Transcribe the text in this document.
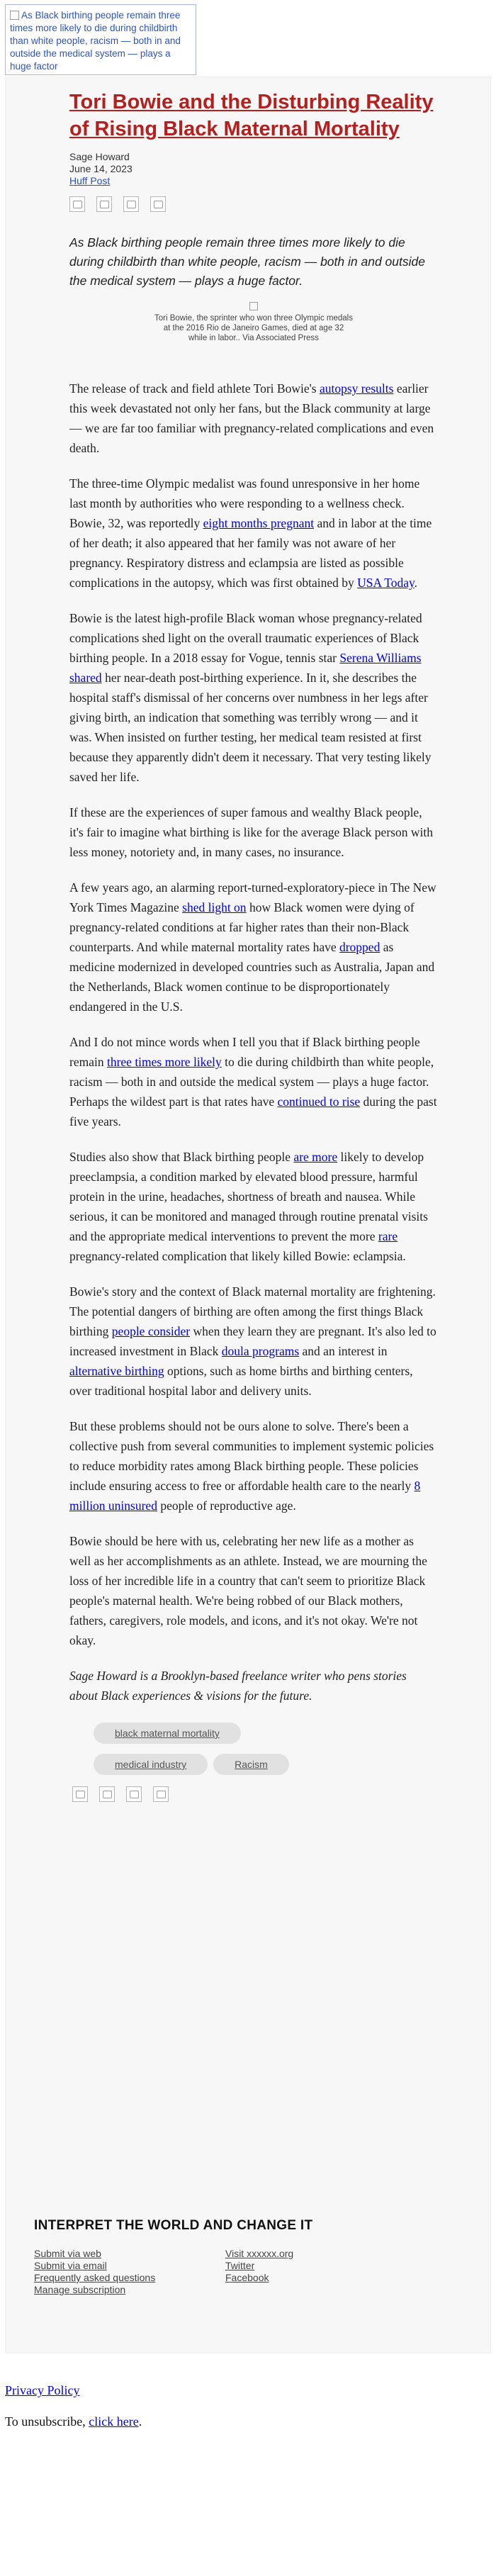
As Black birthing people remain three times more likely to die during childbirth than white people, racism — both in and outside the medical system — plays a huge factor
Tori Bowie and the Disturbing Reality of Rising Black Maternal Mortality
Sage Howard
June 14, 2023
Huff Post
As Black birthing people remain three times more likely to die during childbirth than white people, racism — both in and outside the medical system — plays a huge factor.

Tori Bowie, the sprinter who won three Olympic medals at the 2016 Rio de Janeiro Games, died at age 32 while in labor.. Via Associated Press

The release of track and field athlete Tori Bowie's autopsy results earlier this week devastated not only her fans, but the Black community at large — we are far too familiar with pregnancy-related complications and even death.

The three-time Olympic medalist was found unresponsive in her home last month by authorities who were responding to a wellness check. Bowie, 32, was reportedly eight months pregnant and in labor at the time of her death; it also appeared that her family was not aware of her pregnancy. Respiratory distress and eclampsia are listed as possible complications in the autopsy, which was first obtained by USA Today.

Bowie is the latest high-profile Black woman whose pregnancy-related complications shed light on the overall traumatic experiences of Black birthing people. In a 2018 essay for Vogue, tennis star Serena Williams shared her near-death post-birthing experience. In it, she describes the hospital staff's dismissal of her concerns over numbness in her legs after giving birth, an indication that something was terribly wrong — and it was. When insisted on further testing, her medical team resisted at first because they apparently didn't deem it necessary. That very testing likely saved her life.

If these are the experiences of super famous and wealthy Black people, it's fair to imagine what birthing is like for the average Black person with less money, notoriety and, in many cases, no insurance.

A few years ago, an alarming report-turned-exploratory-piece in The New York Times Magazine shed light on how Black women were dying of pregnancy-related conditions at far higher rates than their non-Black counterparts. And while maternal mortality rates have dropped as medicine modernized in developed countries such as Australia, Japan and the Netherlands, Black women continue to be disproportionately endangered in the U.S.

And I do not mince words when I tell you that if Black birthing people remain three times more likely to die during childbirth than white people, racism — both in and outside the medical system — plays a huge factor. Perhaps the wildest part is that rates have continued to rise during the past five years.

Studies also show that Black birthing people are more likely to develop preeclampsia, a condition marked by elevated blood pressure, harmful protein in the urine, headaches, shortness of breath and nausea. While serious, it can be monitored and managed through routine prenatal visits and the appropriate medical interventions to prevent the more rare pregnancy-related complication that likely killed Bowie: eclampsia.

Bowie's story and the context of Black maternal mortality are frightening. The potential dangers of birthing are often among the first things Black birthing people consider when they learn they are pregnant. It's also led to increased investment in Black doula programs and an interest in alternative birthing options, such as home births and birthing centers, over traditional hospital labor and delivery units.

But these problems should not be ours alone to solve. There's been a collective push from several communities to implement systemic policies to reduce morbidity rates among Black birthing people. These policies include ensuring access to free or affordable health care to the nearly 8 million uninsured people of reproductive age.

Bowie should be here with us, celebrating her new life as a mother as well as her accomplishments as an athlete. Instead, we are mourning the loss of her incredible life in a country that can't seem to prioritize Black people's maternal health. We're being robbed of our Black mothers, fathers, caregivers, role models, and icons, and it's not okay. We're not okay.

Sage Howard is a Brooklyn-based freelance writer who pens stories about Black experiences & visions for the future.

black maternal mortality
medical industry	Racism
INTERPRET THE WORLD AND CHANGE IT
Submit via web
Submit via email
Frequently asked questions
Manage subscription
Visit xxxxxx.org
Twitter
Facebook
Privacy Policy
To unsubscribe, click here.
